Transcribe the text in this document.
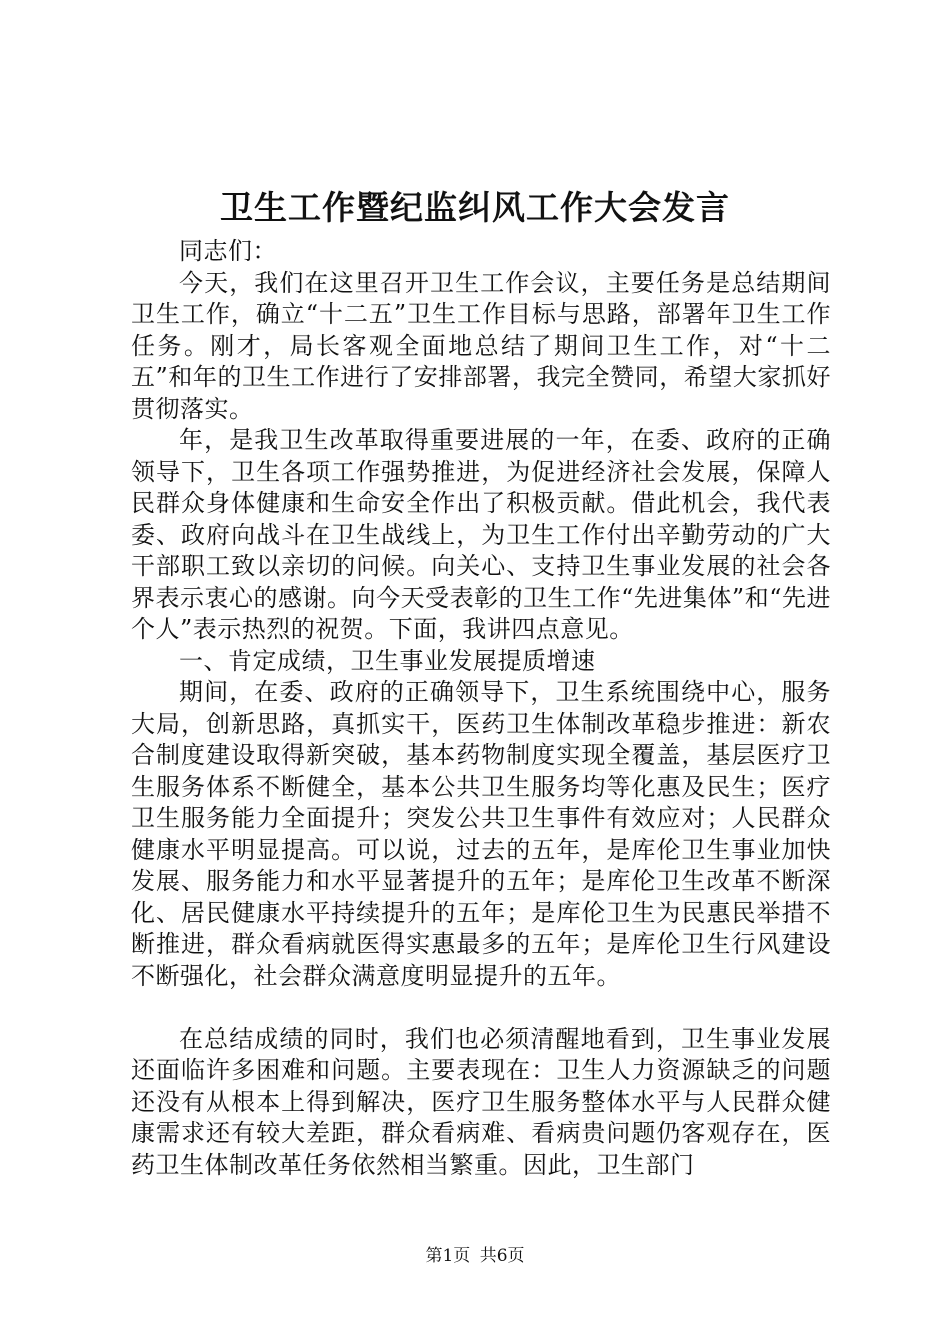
卫生工作暨纪监纠风工作大会发言

同志们：

今天，我们在这里召开卫生工作会议，主要任务是总结期间卫生工作，确立“十二五”卫生工作目标与思路，部署年卫生工作任务。刚才，局长客观全面地总结了期间卫生工作，对“十二五”和年的卫生工作进行了安排部署，我完全赞同，希望大家抓好贯彻落实。

年，是我卫生改革取得重要进展的一年，在委、政府的正确领导下，卫生各项工作强势推进，为促进经济社会发展，保障人民群众身体健康和生命安全作出了积极贡献。借此机会，我代表委、政府向战斗在卫生战线上，为卫生工作付出辛勤劳动的广大干部职工致以亲切的问候。向关心、支持卫生事业发展的社会各界表示衷心的感谢。向今天受表彰的卫生工作“先进集体”和“先进个人”表示热烈的祝贺。下面，我讲四点意见。

一、肯定成绩，卫生事业发展提质增速

期间，在委、政府的正确领导下，卫生系统围绕中心，服务大局，创新思路，真抓实干，医药卫生体制改革稳步推进：新农合制度建设取得新突破，基本药物制度实现全覆盖，基层医疗卫生服务体系不断健全，基本公共卫生服务均等化惠及民生；医疗卫生服务能力全面提升；突发公共卫生事件有效应对；人民群众健康水平明显提高。可以说，过去的五年，是库伦卫生事业加快发展、服务能力和水平显著提升的五年；是库伦卫生改革不断深化、居民健康水平持续提升的五年；是库伦卫生为民惠民举措不断推进，群众看病就医得实惠最多的五年；是库伦卫生行风建设不断强化，社会群众满意度明显提升的五年。

在总结成绩的同时，我们也必须清醒地看到，卫生事业发展还面临许多困难和问题。主要表现在：卫生人力资源缺乏的问题还没有从根本上得到解决，医疗卫生服务整体水平与人民群众健康需求还有较大差距，群众看病难、看病贵问题仍客观存在，医药卫生体制改革任务依然相当繁重。因此，卫生部门

第1页 共6页
